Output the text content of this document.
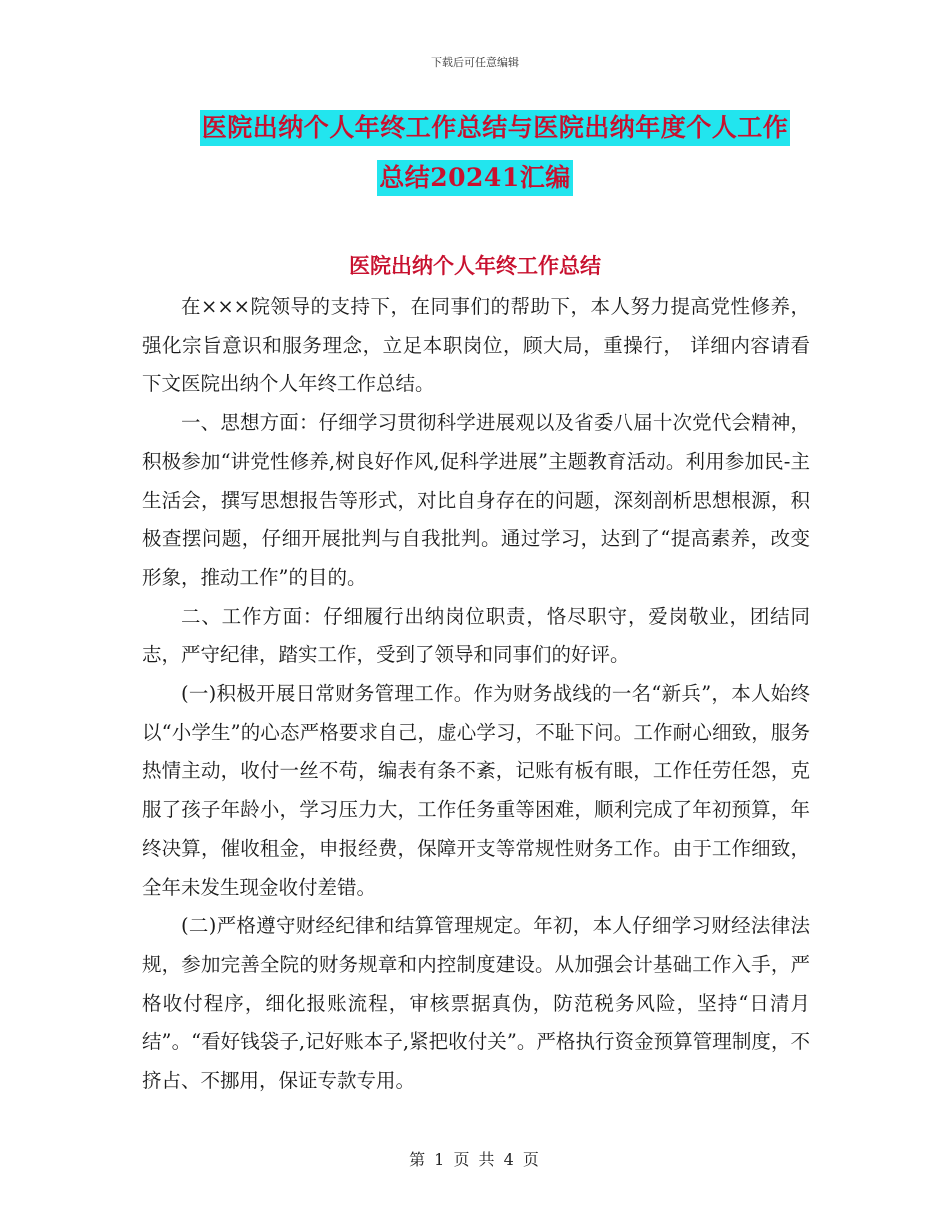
下载后可任意编辑
医院出纳个人年终工作总结与医院出纳年度个人工作
总结20241汇编
医院出纳个人年终工作总结

在×××院领导的支持下，在同事们的帮助下，本人努力提高党性修养，强化宗旨意识和服务理念，立足本职岗位，顾大局，重操行， 详细内容请看下文医院出纳个人年终工作总结。

一、思想方面：仔细学习贯彻科学进展观以及省委八届十次党代会精神，积极参加“讲党性修养,树良好作风,促科学进展”主题教育活动。利用参加民-主生活会，撰写思想报告等形式，对比自身存在的问题，深刻剖析思想根源，积极查摆问题，仔细开展批判与自我批判。通过学习，达到了“提高素养，改变形象，推动工作”的目的。

二、工作方面：仔细履行出纳岗位职责，恪尽职守，爱岗敬业，团结同志，严守纪律，踏实工作，受到了领导和同事们的好评。

(一)积极开展日常财务管理工作。作为财务战线的一名“新兵”，本人始终以“小学生”的心态严格要求自己，虚心学习，不耻下问。工作耐心细致，服务热情主动，收付一丝不苟，编表有条不紊，记账有板有眼，工作任劳任怨，克服了孩子年龄小，学习压力大，工作任务重等困难，顺利完成了年初预算，年终决算，催收租金，申报经费，保障开支等常规性财务工作。由于工作细致，全年未发生现金收付差错。

(二)严格遵守财经纪律和结算管理规定。年初，本人仔细学习财经法律法规，参加完善全院的财务规章和内控制度建设。从加强会计基础工作入手，严格收付程序，细化报账流程，审核票据真伪，防范税务风险，坚持“日清月结”。“看好钱袋子,记好账本子,紧把收付关”。严格执行资金预算管理制度，不挤占、不挪用，保证专款专用。

第 1 页 共 4 页
